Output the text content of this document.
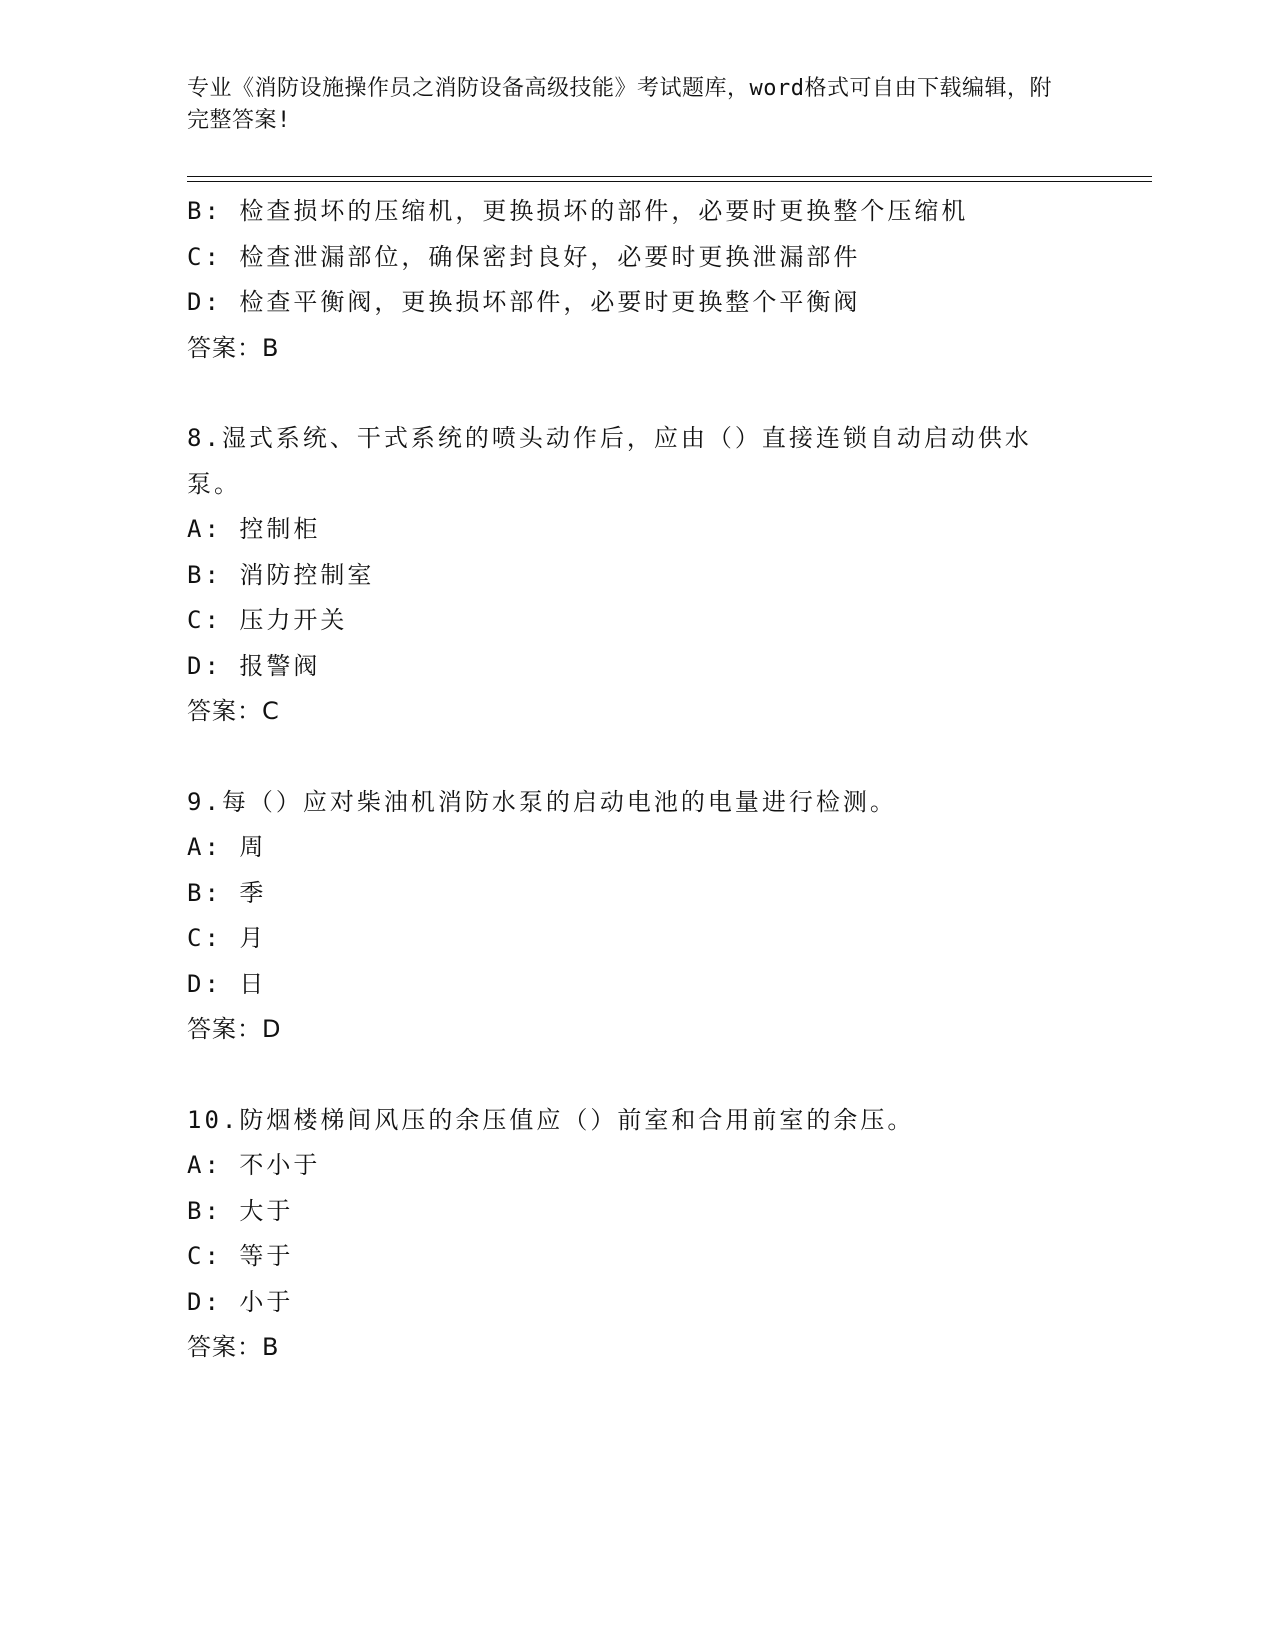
专业《消防设施操作员之消防设备高级技能》考试题库，word格式可自由下载编辑，附完整答案!
B: 检查损坏的压缩机，更换损坏的部件，必要时更换整个压缩机
C: 检查泄漏部位，确保密封良好，必要时更换泄漏部件
D: 检查平衡阀，更换损坏部件，必要时更换整个平衡阀
答案：B
8.湿式系统、干式系统的喷头动作后，应由（）直接连锁自动启动供水泵。
A: 控制柜
B: 消防控制室
C: 压力开关
D: 报警阀
答案：C
9.每（）应对柴油机消防水泵的启动电池的电量进行检测。
A: 周
B: 季
C: 月
D: 日
答案：D
10.防烟楼梯间风压的余压值应（）前室和合用前室的余压。
A: 不小于
B: 大于
C: 等于
D: 小于
答案：B
